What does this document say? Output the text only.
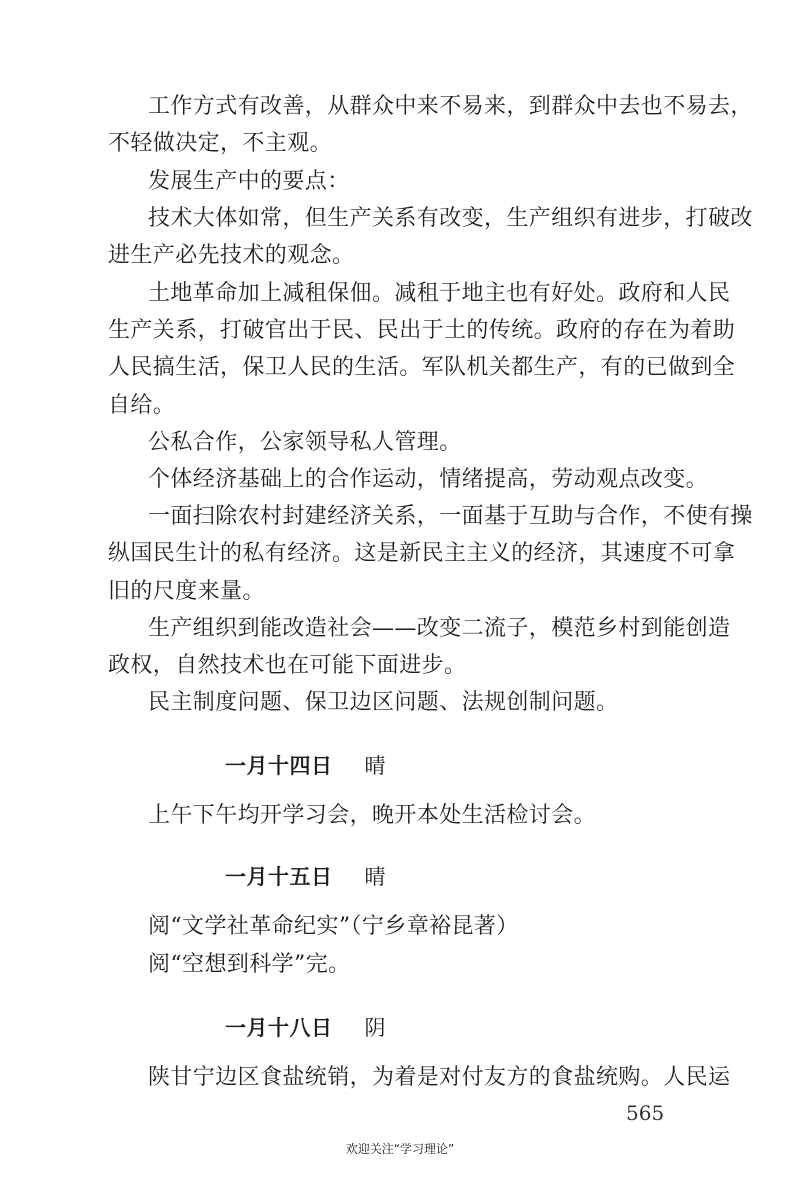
工作方式有改善，从群众中来不易来，到群众中去也不易去，
不轻做决定，不主观。
发展生产中的要点：
技术大体如常，但生产关系有改变，生产组织有进步，打破改
进生产必先技术的观念。
土地革命加上减租保佃。减租于地主也有好处。政府和人民
生产关系，打破官出于民、民出于土的传统。政府的存在为着助
人民搞生活，保卫人民的生活。军队机关都生产，有的已做到全
自给。
公私合作，公家领导私人管理。
个体经济基础上的合作运动，情绪提高，劳动观点改变。
一面扫除农村封建经济关系，一面基于互助与合作，不使有操
纵国民生计的私有经济。这是新民主主义的经济，其速度不可拿
旧的尺度来量。
生产组织到能改造社会——改变二流子，模范乡村到能创造
政权，自然技术也在可能下面进步。
民主制度问题、保卫边区问题、法规创制问题。
一月十四日 晴
上午下午均开学习会，晚开本处生活检讨会。
一月十五日 晴
阅“文学社革命纪实”（宁乡章裕昆著）
阅“空想到科学”完。
一月十八日 阴
陕甘宁边区食盐统销，为着是对付友方的食盐统购。人民运
565
欢迎关注“学习理论”
